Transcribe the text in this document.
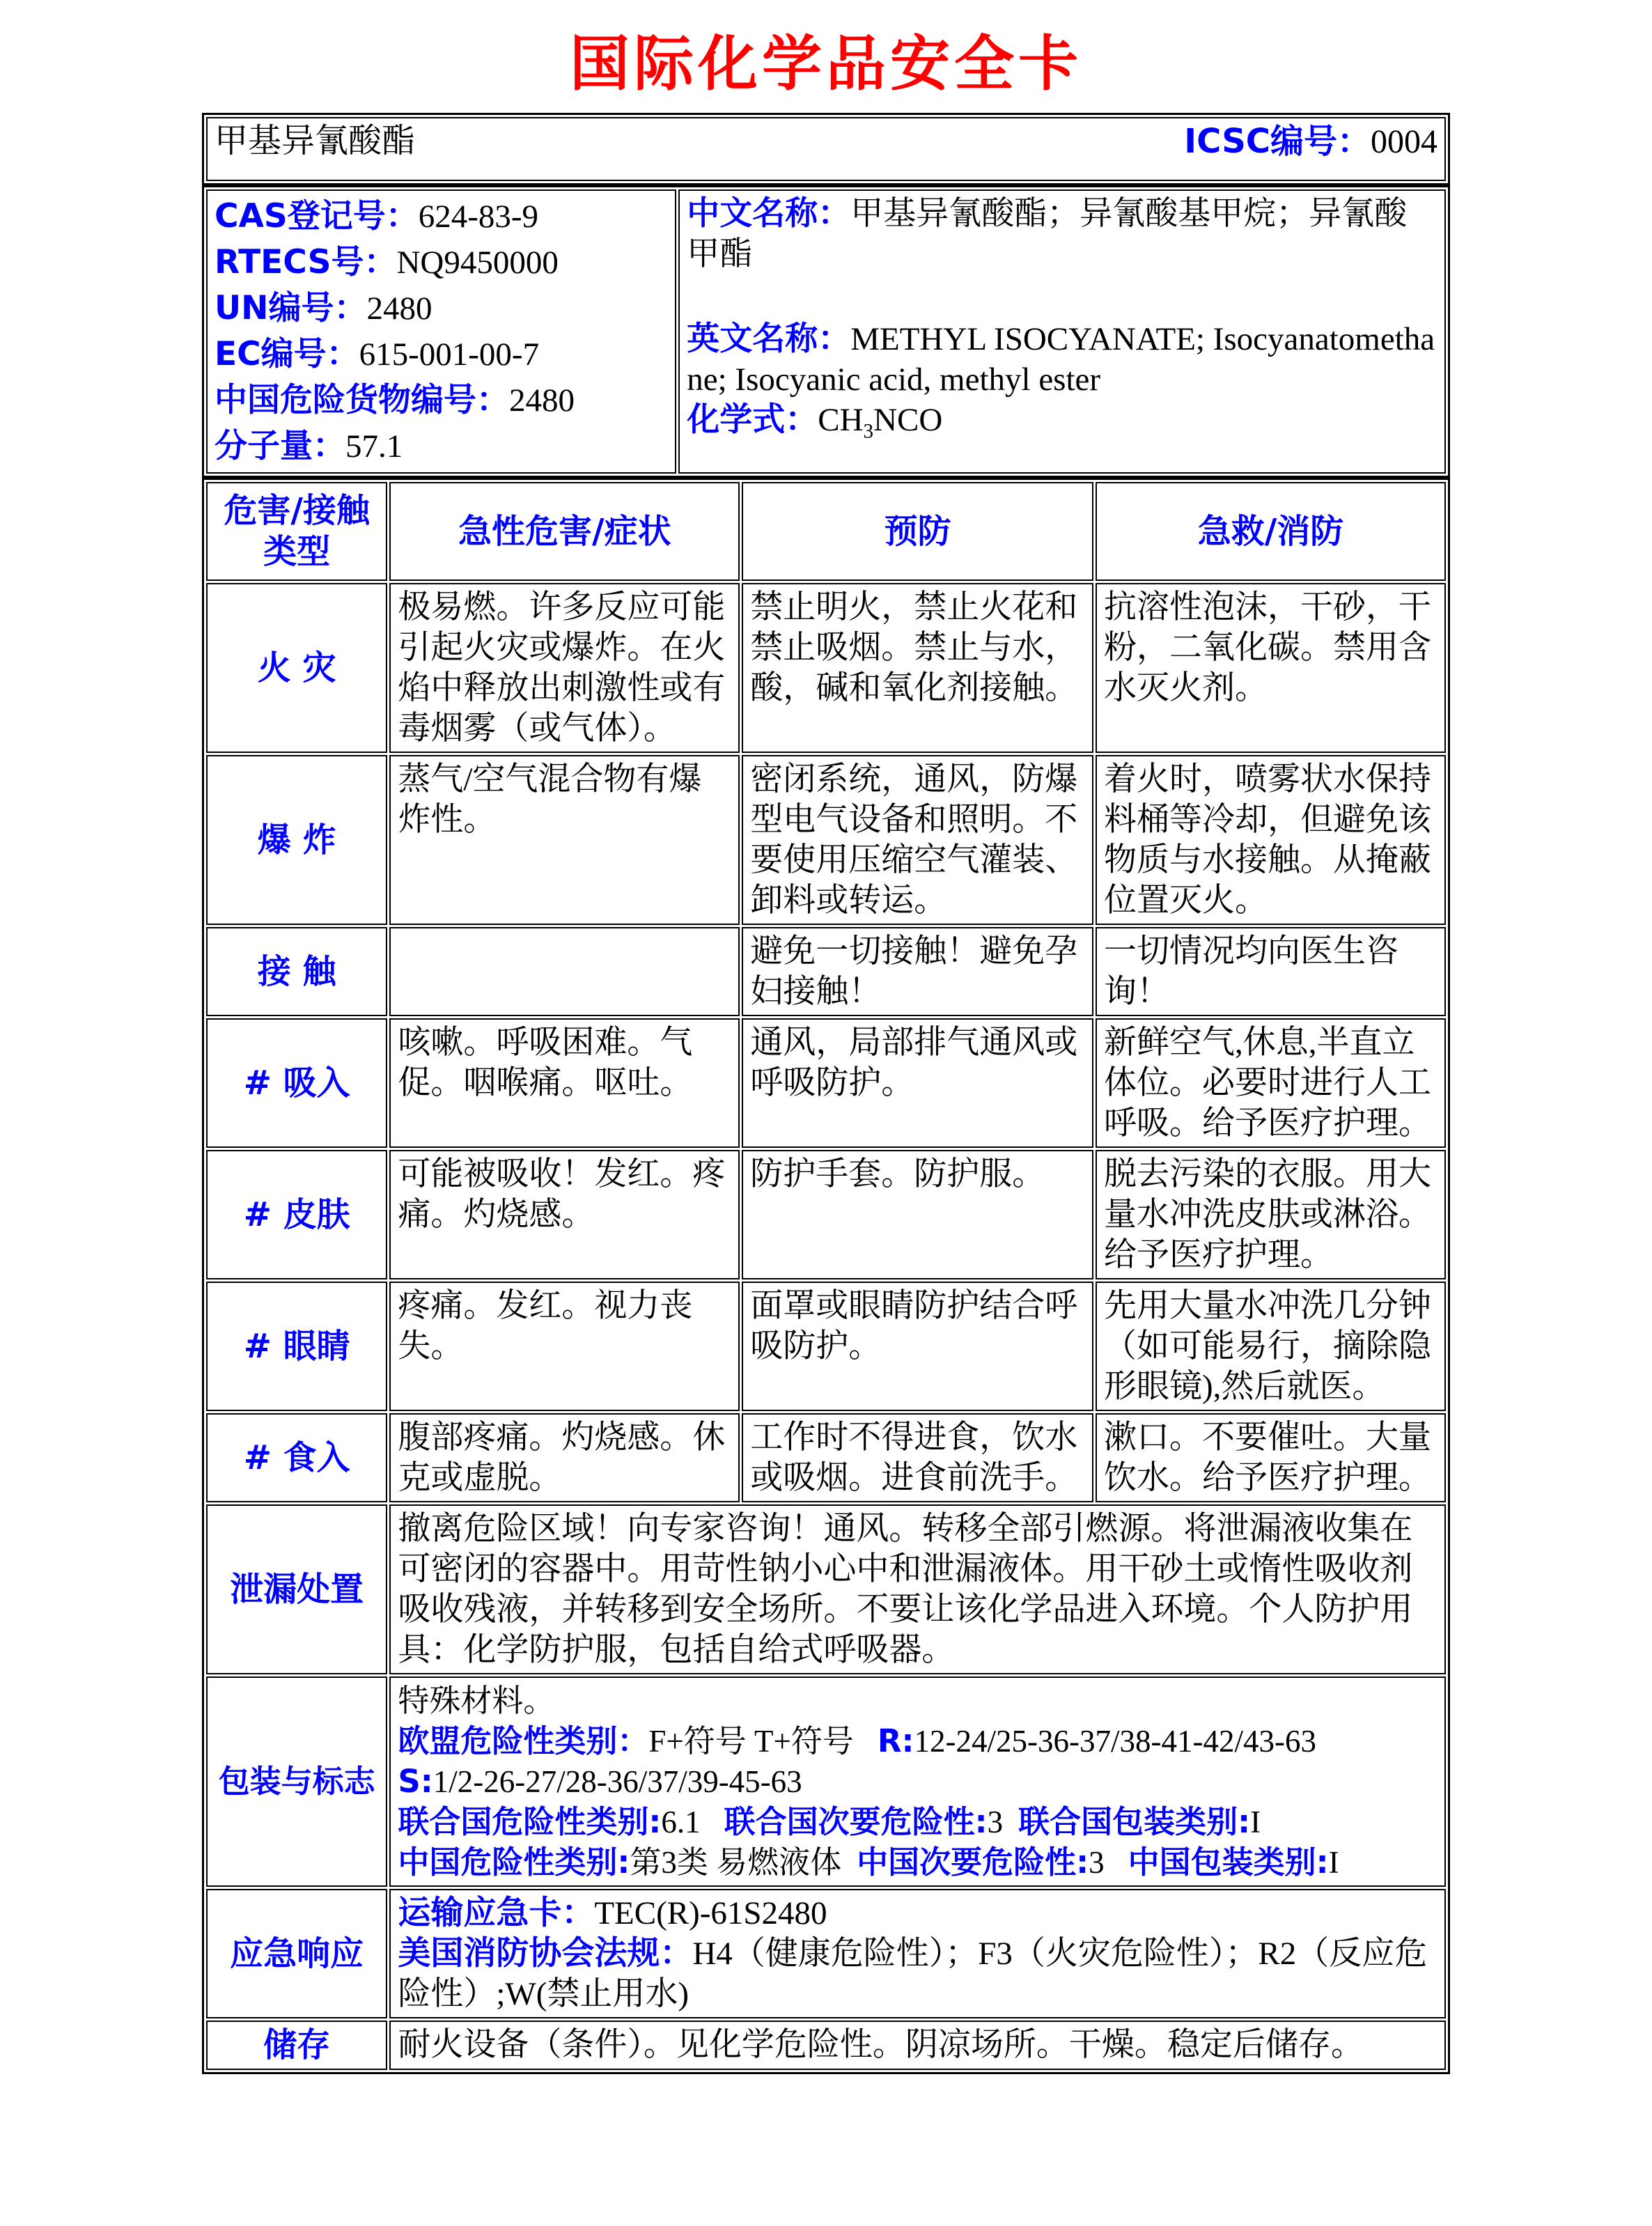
国际化学品安全卡
甲基异氰酸酯	ICSC编号：0004
CAS登记号：624-83-9
RTECS号：NQ9450000
UN编号：2480
EC编号：615-001-00-7
中国危险货物编号：2480
分子量：57.1

中文名称：甲基异氰酸酯；异氰酸基甲烷；异氰酸甲酯
英文名称：METHYL ISOCYANATE; Isocyanatomethane; Isocyanic acid, methyl ester
化学式：$CH_3NCO$
危害/接触类型	急性危害/症状	预防	急救/消防
火 灾	极易燃。许多反应可能引起火灾或爆炸。在火焰中释放出刺激性或有毒烟雾（或气体）。	禁止明火，禁止火花和禁止吸烟。禁止与水，酸，碱和氧化剂接触。	抗溶性泡沫，干砂，干粉，二氧化碳。禁用含水灭火剂。
爆 炸	蒸气/空气混合物有爆炸性。	密闭系统，通风，防爆型电气设备和照明。不要使用压缩空气灌装、卸料或转运。	着火时，喷雾状水保持料桶等冷却，但避免该物质与水接触。从掩蔽位置灭火。
接 触		避免一切接触！避免孕妇接触！	一切情况均向医生咨询！
# 吸入	咳嗽。呼吸困难。气促。咽喉痛。呕吐。	通风，局部排气通风或呼吸防护。	新鲜空气,休息,半直立体位。必要时进行人工呼吸。给予医疗护理。
# 皮肤	可能被吸收！发红。疼痛。灼烧感。	防护手套。防护服。	脱去污染的衣服。用大量水冲洗皮肤或淋浴。给予医疗护理。
# 眼睛	疼痛。发红。视力丧失。	面罩或眼睛防护结合呼吸防护。	先用大量水冲洗几分钟（如可能易行，摘除隐形眼镜),然后就医。
# 食入	腹部疼痛。灼烧感。休克或虚脱。	工作时不得进食，饮水或吸烟。进食前洗手。	漱口。不要催吐。大量饮水。给予医疗护理。
泄漏处置	撤离危险区域！向专家咨询！通风。转移全部引燃源。将泄漏液收集在可密闭的容器中。用苛性钠小心中和泄漏液体。用干砂土或惰性吸收剂吸收残液，并转移到安全场所。不要让该化学品进入环境。个人防护用具：化学防护服，包括自给式呼吸器。		
包装与标志	特殊材料。
欧盟危险性类别：F+符号 T+符号 R:12-24/25-36-37/38-41-42/43-63
S:1/2-26-27/28-36/37/39-45-63
联合国危险性类别:6.1 联合国次要危险性:3 联合国包装类别:I
中国危险性类别:第3类 易燃液体 中国次要危险性:3 中国包装类别:I		

应急响应	运输应急卡：TEC(R)-61S2480
美国消防协会法规：H4（健康危险性）；F3（火灾危险性）；R2（反应危险性）;W(禁止用水)		

储存	耐火设备（条件）。见化学危险性。阴凉场所。干燥。稳定后储存。		
